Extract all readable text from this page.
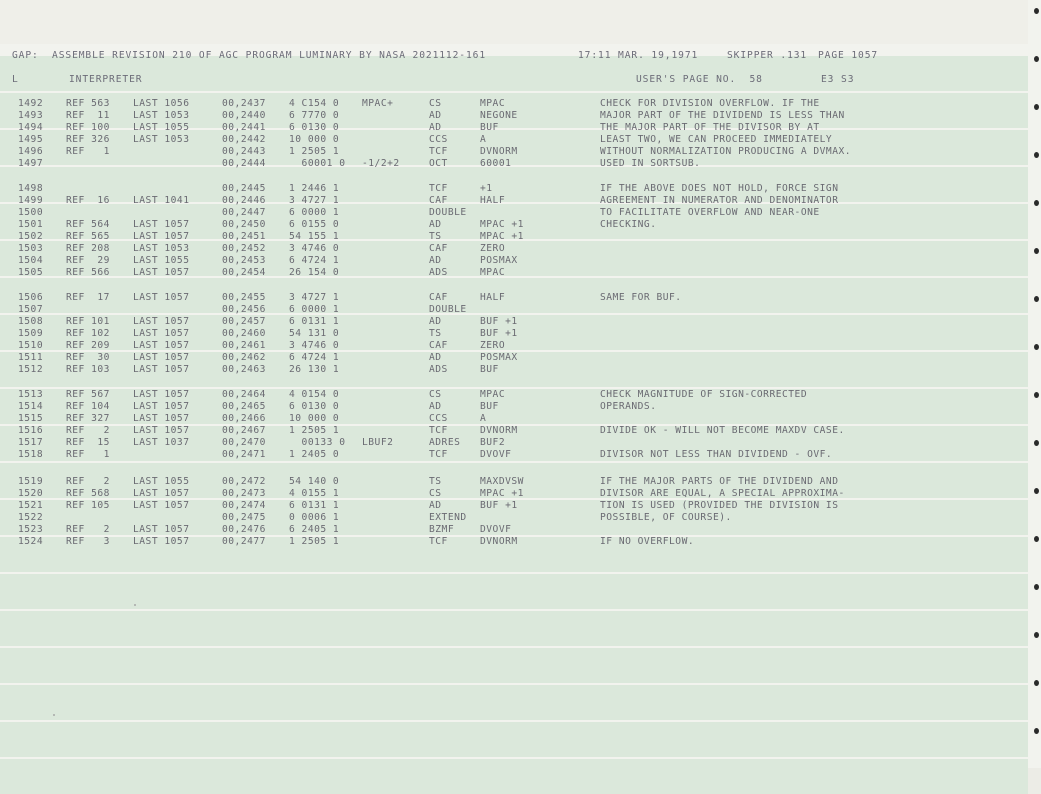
GAP:  ASSEMBLE REVISION 210 OF AGC PROGRAM LUMINARY BY NASA 2021112-161	17:11 MAR. 19,1971	SKIPPER .131 PAGE 1057
L	INTERPRETER	USER'S PAGE NO.  58	E3 S3
1492 REF 563 LAST 1056	00,2437 4 C154 0 MPAC+	CS	MPAC	CHECK FOR DIVISION OVERFLOW. IF THE
1493 REF  11 LAST 1053	00,2440 6 7770 0	AD	NEGONE	MAJOR PART OF THE DIVIDEND IS LESS THAN
1494 REF 100 LAST 1055	00,2441 6 0130 0	AD	BUF	THE MAJOR PART OF THE DIVISOR BY AT
1495 REF 326 LAST 1053	00,2442 10 000 0	CCS	A	LEAST TWO, WE CAN PROCEED IMMEDIATELY
1496 REF   1	00,2443 1 2505 1	TCF	DVNORM	WITHOUT NORMALIZATION PRODUCING A DVMAX.
1497	00,2444 60001 0 -1/2+2	OCT	60001	USED IN SORTSUB.
1498	00,2445 1 2446 1	TCF	+1	IF THE ABOVE DOES NOT HOLD, FORCE SIGN
1499 REF  16 LAST 1041	00,2446 3 4727 1	CAF	HALF	AGREEMENT IN NUMERATOR AND DENOMINATOR
1500	00,2447 6 0000 1	DOUBLE	TO FACILITATE OVERFLOW AND NEAR-ONE
1501 REF 564 LAST 1057	00,2450 6 0155 0	AD	MPAC +1	CHECKING.
1502 REF 565 LAST 1057	00,2451 54 155 1	TS	MPAC +1
1503 REF 208 LAST 1053	00,2452 3 4746 0	CAF	ZERO
1504 REF  29 LAST 1055	00,2453 6 4724 1	AD	POSMAX
1505 REF 566 LAST 1057	00,2454 26 154 0	ADS	MPAC
1506 REF  17 LAST 1057	00,2455 3 4727 1	CAF	HALF	SAME FOR BUF.
1507	00,2456 6 0000 1	DOUBLE
1508 REF 101 LAST 1057	00,2457 6 0131 1	AD	BUF +1
1509 REF 102 LAST 1057	00,2460 54 131 0	TS	BUF +1
1510 REF 209 LAST 1057	00,2461 3 4746 0	CAF	ZERO
1511 REF  30 LAST 1057	00,2462 6 4724 1	AD	POSMAX
1512 REF 103 LAST 1057	00,2463 26 130 1	ADS	BUF
1513 REF 567 LAST 1057	00,2464 4 0154 0	CS	MPAC	CHECK MAGNITUDE OF SIGN-CORRECTED
1514 REF 104 LAST 1057	00,2465 6 0130 0	AD	BUF	OPERANDS.
1515 REF 327 LAST 1057	00,2466 10 000 0	CCS	A
1516 REF   2 LAST 1057	00,2467 1 2505 1	TCF	DVNORM	DIVIDE OK - WILL NOT BECOME MAXDV CASE.
1517 REF  15 LAST 1037	00,2470 00133 0 LBUF2	ADRES BUF2
1518 REF   1	00,2471 1 2405 0	TCF	DVOVF	DIVISOR NOT LESS THAN DIVIDEND - OVF.
1519 REF   2 LAST 1055	00,2472 54 140 0	TS	MAXDVSW	IF THE MAJOR PARTS OF THE DIVIDEND AND
1520 REF 568 LAST 1057	00,2473 4 0155 1	CS	MPAC +1	DIVISOR ARE EQUAL, A SPECIAL APPROXIMA-
1521 REF 105 LAST 1057	00,2474 6 0131 1	AD	BUF +1	TION IS USED (PROVIDED THE DIVISION IS
1522	00,2475 0 0006 1	EXTEND	POSSIBLE, OF COURSE).
1523 REF   2 LAST 1057	00,2476 6 2405 1	BZMF	DVOVF
1524 REF   3 LAST 1057	00,2477 1 2505 1	TCF	DVNORM	IF NO OVERFLOW.
